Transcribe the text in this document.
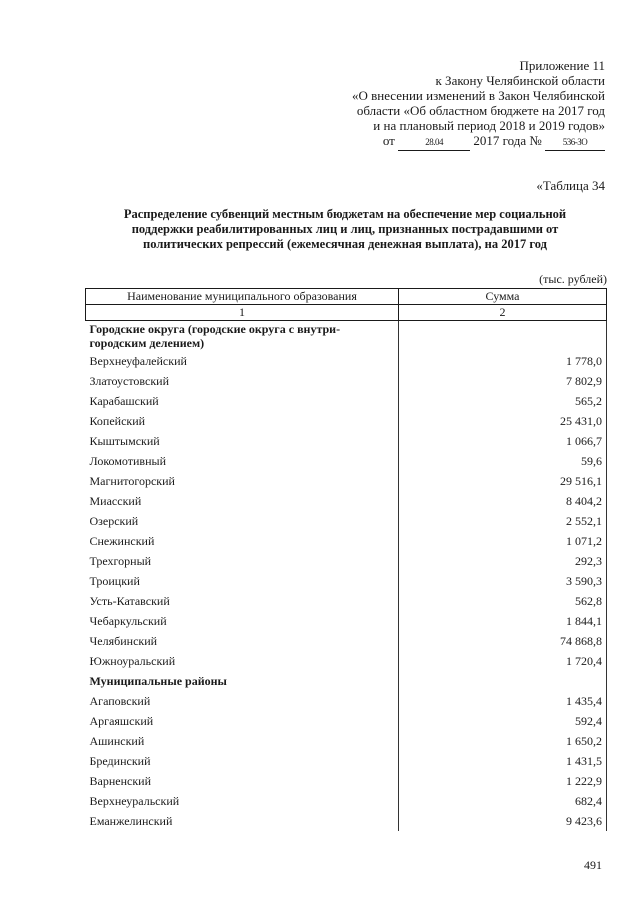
Приложение 11
к Закону Челябинской области
«О внесении изменений в Закон Челябинской
области «Об областном бюджете на 2017 год
и на плановый период 2018 и 2019 годов»
от	28.04 2017 года № 536-ЗО
«Таблица 34
Распределение субвенций местным бюджетам на обеспечение мер социальной
поддержки реабилитированных лиц и лиц, признанных пострадавшими от
политических репрессий (ежемесячная денежная выплата), на 2017 год
(тыс. рублей)
Наименование муниципального образования	Сумма
1	2
Городские округа (городские округа с внутри-городским делением)	
Верхнеуфалейский	1 778,0
Златоустовский	7 802,9
Карабашский	565,2
Копейский	25 431,0
Кыштымский	1 066,7
Локомотивный	59,6
Магнитогорский	29 516,1
Миасский	8 404,2
Озерский	2 552,1
Снежинский	1 071,2
Трехгорный	292,3
Троицкий	3 590,3
Усть-Катавский	562,8
Чебаркульский	1 844,1
Челябинский	74 868,8
Южноуральский	1 720,4
Муниципальные районы	
Агаповский	1 435,4
Аргаяшский	592,4
Ашинский	1 650,2
Брединский	1 431,5
Варненский	1 222,9
Верхнеуральский	682,4
Еманжелинский	9 423,6
491
